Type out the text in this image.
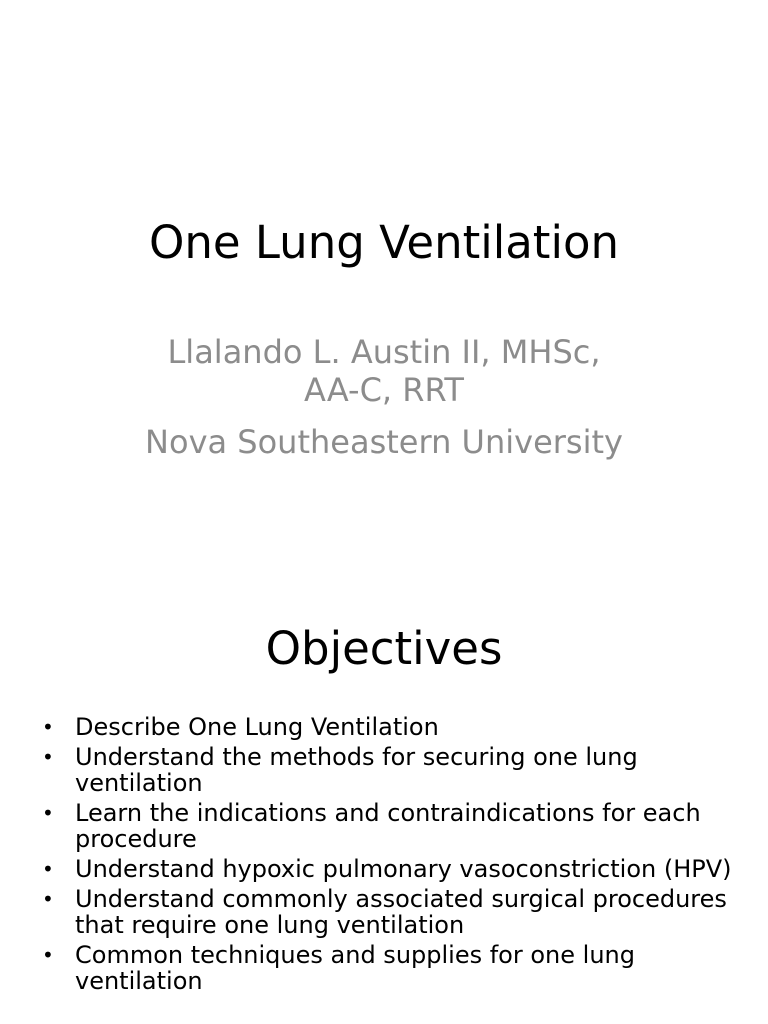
One Lung Ventilation
Llalando L. Austin II, MHSc,
AA-C, RRT
Nova Southeastern University
Objectives
• Describe One Lung Ventilation
• Understand the methods for securing one lung ventilation
• Learn the indications and contraindications for each procedure
• Understand hypoxic pulmonary vasoconstriction (HPV)
• Understand commonly associated surgical procedures that require one lung ventilation
• Common techniques and supplies for one lung ventilation
